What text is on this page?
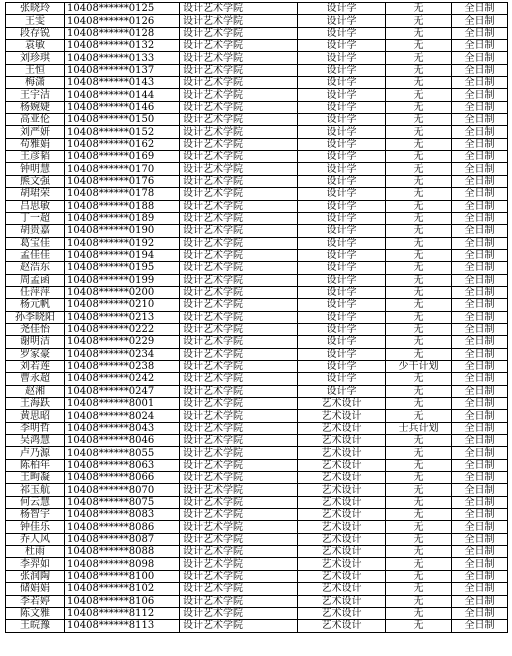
张晓玲	10408******0125	设计艺术学院	设计学	无	全日制
王雯	10408******0126	设计艺术学院	设计学	无	全日制
段存锐	10408******0128	设计艺术学院	设计学	无	全日制
袁敏	10408******0132	设计艺术学院	设计学	无	全日制
刘珍琪	10408******0133	设计艺术学院	设计学	无	全日制
王恒	10408******0137	设计艺术学院	设计学	无	全日制
梅潇	10408******0143	设计艺术学院	设计学	无	全日制
王宇洁	10408******0144	设计艺术学院	设计学	无	全日制
杨婉婕	10408******0146	设计艺术学院	设计学	无	全日制
高亚伦	10408******0150	设计艺术学院	设计学	无	全日制
刘严妍	10408******0152	设计艺术学院	设计学	无	全日制
苟雅娟	10408******0162	设计艺术学院	设计学	无	全日制
王彦韬	10408******0169	设计艺术学院	设计学	无	全日制
钟明慧	10408******0170	设计艺术学院	设计学	无	全日制
熊文强	10408******0176	设计艺术学院	设计学	无	全日制
胡珺荣	10408******0178	设计艺术学院	设计学	无	全日制
吕思敏	10408******0188	设计艺术学院	设计学	无	全日制
丁一超	10408******0189	设计艺术学院	设计学	无	全日制
胡贵嘉	10408******0190	设计艺术学院	设计学	无	全日制
葛宝佳	10408******0192	设计艺术学院	设计学	无	全日制
孟佳佳	10408******0194	设计艺术学院	设计学	无	全日制
赵浩东	10408******0195	设计艺术学院	设计学	无	全日制
周孟函	10408******0199	设计艺术学院	设计学	无	全日制
任萍萍	10408******0200	设计艺术学院	设计学	无	全日制
杨元帆	10408******0210	设计艺术学院	设计学	无	全日制
孙李晓阳	10408******0213	设计艺术学院	设计学	无	全日制
尧佳怡	10408******0222	设计艺术学院	设计学	无	全日制
谢明洁	10408******0229	设计艺术学院	设计学	无	全日制
罗家豪	10408******0234	设计艺术学院	设计学	无	全日制
刘若莲	10408******0238	设计艺术学院	设计学	少干计划	全日制
曹永超	10408******0242	设计艺术学院	设计学	无	全日制
赵湘	10408******0247	设计艺术学院	设计学	无	全日制
王海跃	10408******8001	设计艺术学院	艺术设计	无	全日制
黄思昭	10408******8024	设计艺术学院	艺术设计	无	全日制
李明哲	10408******8043	设计艺术学院	艺术设计	士兵计划	全日制
吴鸿慧	10408******8046	设计艺术学院	艺术设计	无	全日制
卢乃源	10408******8055	设计艺术学院	艺术设计	无	全日制
陈柏年	10408******8063	设计艺术学院	艺术设计	无	全日制
王昫凝	10408******8066	设计艺术学院	艺术设计	无	全日制
祁玉航	10408******8070	设计艺术学院	艺术设计	无	全日制
何云慧	10408******8075	设计艺术学院	艺术设计	无	全日制
杨智宇	10408******8083	设计艺术学院	艺术设计	无	全日制
钟佳乐	10408******8086	设计艺术学院	艺术设计	无	全日制
乔人风	10408******8087	设计艺术学院	艺术设计	无	全日制
杜雨	10408******8088	设计艺术学院	艺术设计	无	全日制
李羿如	10408******8098	设计艺术学院	艺术设计	无	全日制
张润陶	10408******8100	设计艺术学院	艺术设计	无	全日制
储娟娟	10408******8102	设计艺术学院	艺术设计	无	全日制
李若婷	10408******8106	设计艺术学院	艺术设计	无	全日制
陈文雅	10408******8112	设计艺术学院	艺术设计	无	全日制
王皖豫	10408******8113	设计艺术学院	艺术设计	无	全日制
